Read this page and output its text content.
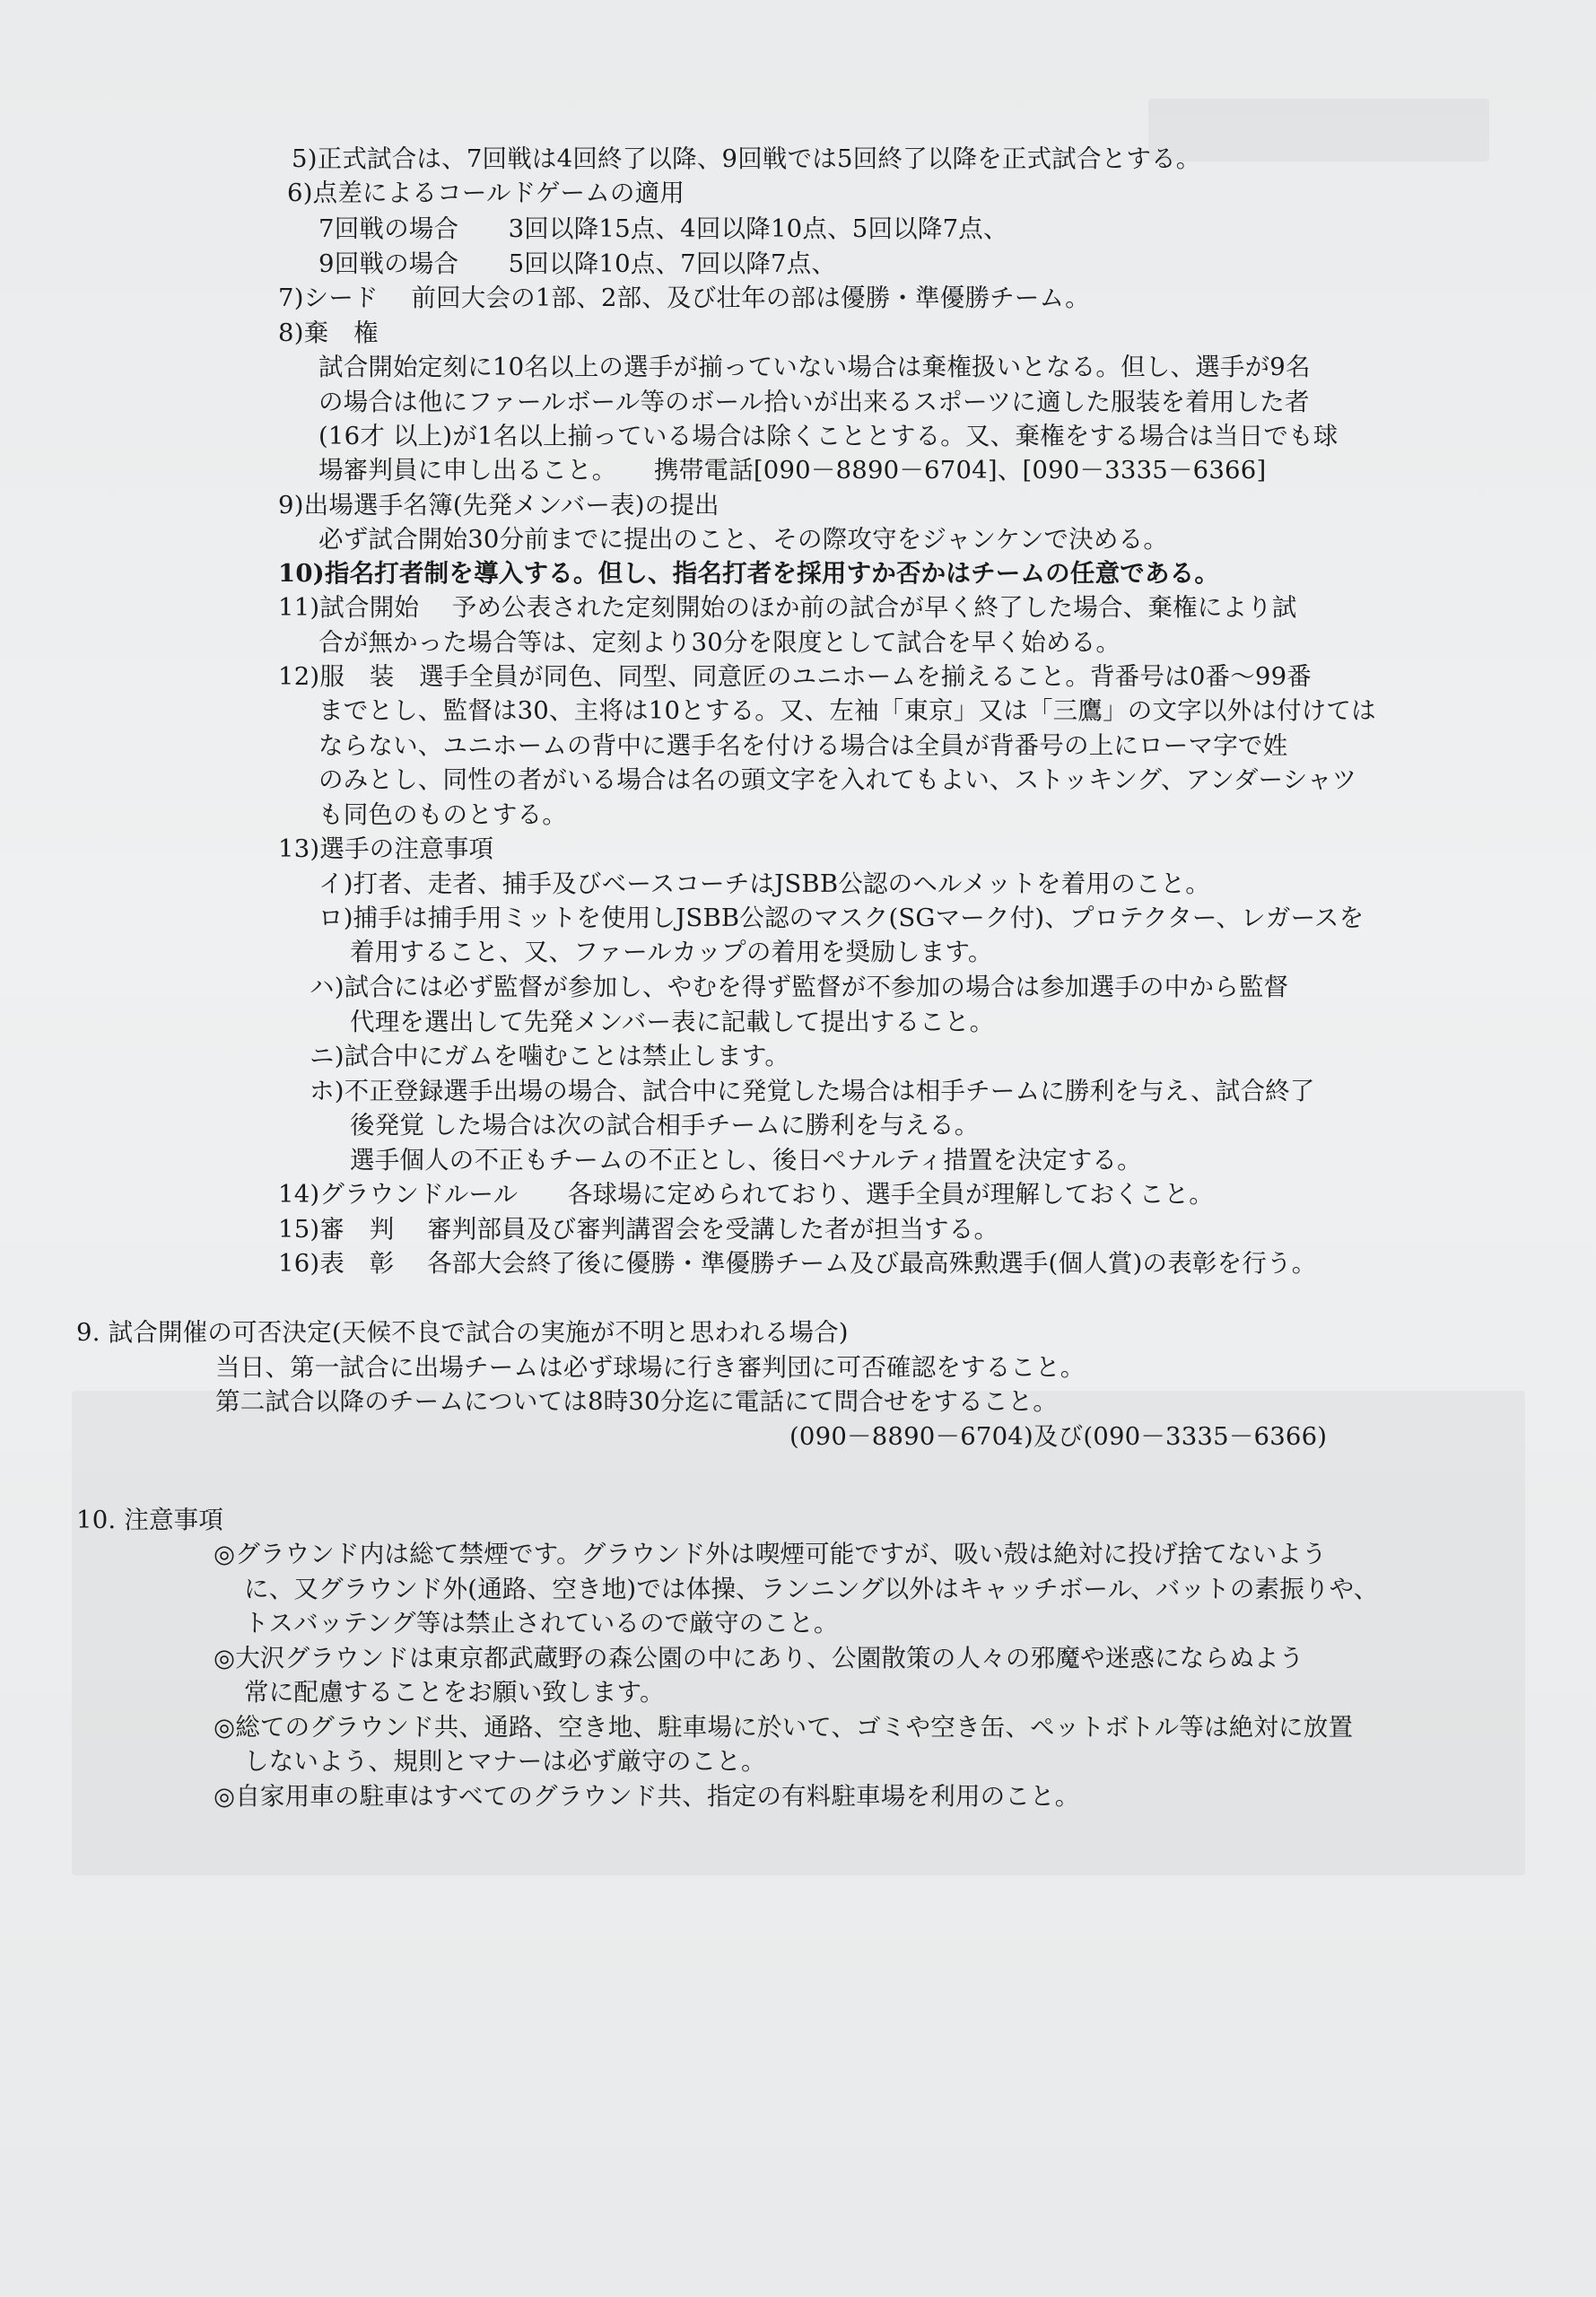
5)正式試合は、7回戦は4回終了以降、9回戦では5回終了以降を正式試合とする。
6)点差によるコールドゲームの適用
7回戦の場合　　3回以降15点、4回以降10点、5回以降7点、
9回戦の場合　　5回以降10点、7回以降7点、
7)シード　 前回大会の1部、2部、及び壮年の部は優勝・準優勝チーム。
8)棄　権
試合開始定刻に10名以上の選手が揃っていない場合は棄権扱いとなる。但し、選手が9名
の場合は他にファールボール等のボール拾いが出来るスポーツに適した服装を着用した者
(16才 以上)が1名以上揃っている場合は除くこととする。又、棄権をする場合は当日でも球
場審判員に申し出ること。　　携帯電話[090－8890－6704]、[090－3335－6366]
9)出場選手名簿(先発メンバー表)の提出
必ず試合開始30分前までに提出のこと、その際攻守をジャンケンで決める。
10)指名打者制を導入する。但し、指名打者を採用すか否かはチームの任意である。
11)試合開始　 予め公表された定刻開始のほか前の試合が早く終了した場合、棄権により試
合が無かった場合等は、定刻より30分を限度として試合を早く始める。
12)服　装　選手全員が同色、同型、同意匠のユニホームを揃えること。背番号は0番～99番
までとし、監督は30、主将は10とする。又、左袖「東京」又は「三鷹」の文字以外は付けては
ならない、ユニホームの背中に選手名を付ける場合は全員が背番号の上にローマ字で姓
のみとし、同性の者がいる場合は名の頭文字を入れてもよい、ストッキング、アンダーシャツ
も同色のものとする。
13)選手の注意事項
イ)打者、走者、捕手及びベースコーチはJSBB公認のヘルメットを着用のこと。
ロ)捕手は捕手用ミットを使用しJSBB公認のマスク(SGマーク付)、プロテクター、レガースを
着用すること、又、ファールカップの着用を奨励します。
ハ)試合には必ず監督が参加し、やむを得ず監督が不参加の場合は参加選手の中から監督
代理を選出して先発メンバー表に記載して提出すること。
ニ)試合中にガムを噛むことは禁止します。
ホ)不正登録選手出場の場合、試合中に発覚した場合は相手チームに勝利を与え、試合終了
後発覚 した場合は次の試合相手チームに勝利を与える。
選手個人の不正もチームの不正とし、後日ペナルティ措置を決定する。
14)グラウンドルール　　各球場に定められており、選手全員が理解しておくこと。
15)審　判　 審判部員及び審判講習会を受講した者が担当する。
16)表　彰　 各部大会終了後に優勝・準優勝チーム及び最高殊勲選手(個人賞)の表彰を行う。
9. 試合開催の可否決定(天候不良で試合の実施が不明と思われる場合)
当日、第一試合に出場チームは必ず球場に行き審判団に可否確認をすること。
第二試合以降のチームについては8時30分迄に電話にて問合せをすること。
(090－8890－6704)及び(090－3335－6366)
10. 注意事項
◎グラウンド内は総て禁煙です。グラウンド外は喫煙可能ですが、吸い殻は絶対に投げ捨てないよう
に、又グラウンド外(通路、空き地)では体操、ランニング以外はキャッチボール、バットの素振りや、
トスバッテング等は禁止されているので厳守のこと。
◎大沢グラウンドは東京都武蔵野の森公園の中にあり、公園散策の人々の邪魔や迷惑にならぬよう
常に配慮することをお願い致します。
◎総てのグラウンド共、通路、空き地、駐車場に於いて、ゴミや空き缶、ペットボトル等は絶対に放置
しないよう、規則とマナーは必ず厳守のこと。
◎自家用車の駐車はすべてのグラウンド共、指定の有料駐車場を利用のこと。
